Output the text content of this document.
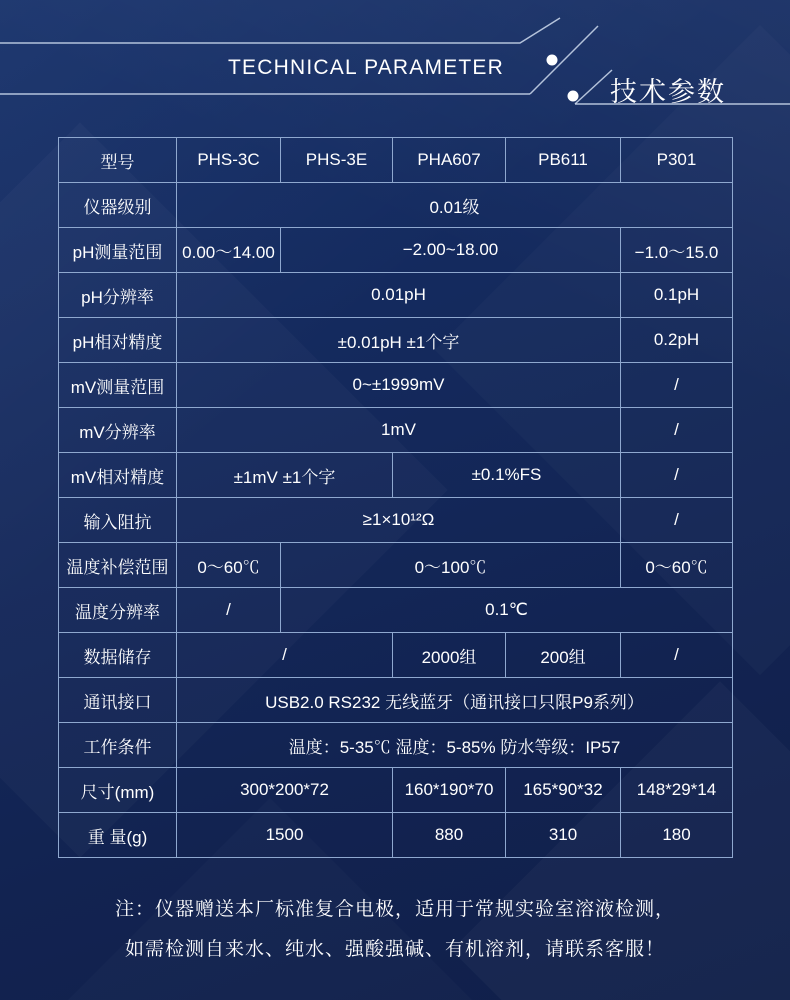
TECHNICAL PARAMETER
技术参数
型号	PHS-3C	PHS-3E	PHA607	PB611	P301
仪器级别	0.01级				
pH测量范围	0.00～14.00	−2.00~18.00			−1.0～15.0
pH分辨率	0.01pH				0.1pH
pH相对精度	±0.01pH ±1个字				0.2pH
mV测量范围	0~±1999mV				/
mV分辨率	1mV				/
mV相对精度	±1mV ±1个字		±0.1%FS		/
输入阻抗	≥1×10¹²Ω				/
温度补偿范围	0～60℃	0～100℃			0～60℃
温度分辨率	/	0.1℃			
数据储存	/		2000组	200组	/
通讯接口	USB2.0 RS232 无线蓝牙（通讯接口只限P9系列）				
工作条件	温度：5-35℃ 湿度：5-85% 防水等级：IP57				
尺寸(mm)	300*200*72		160*190*70	165*90*32	148*29*14
重 量(g)	1500		880	310	180
注：仪器赠送本厂标准复合电极，适用于常规实验室溶液检测，
如需检测自来水、纯水、强酸强碱、有机溶剂，请联系客服！
